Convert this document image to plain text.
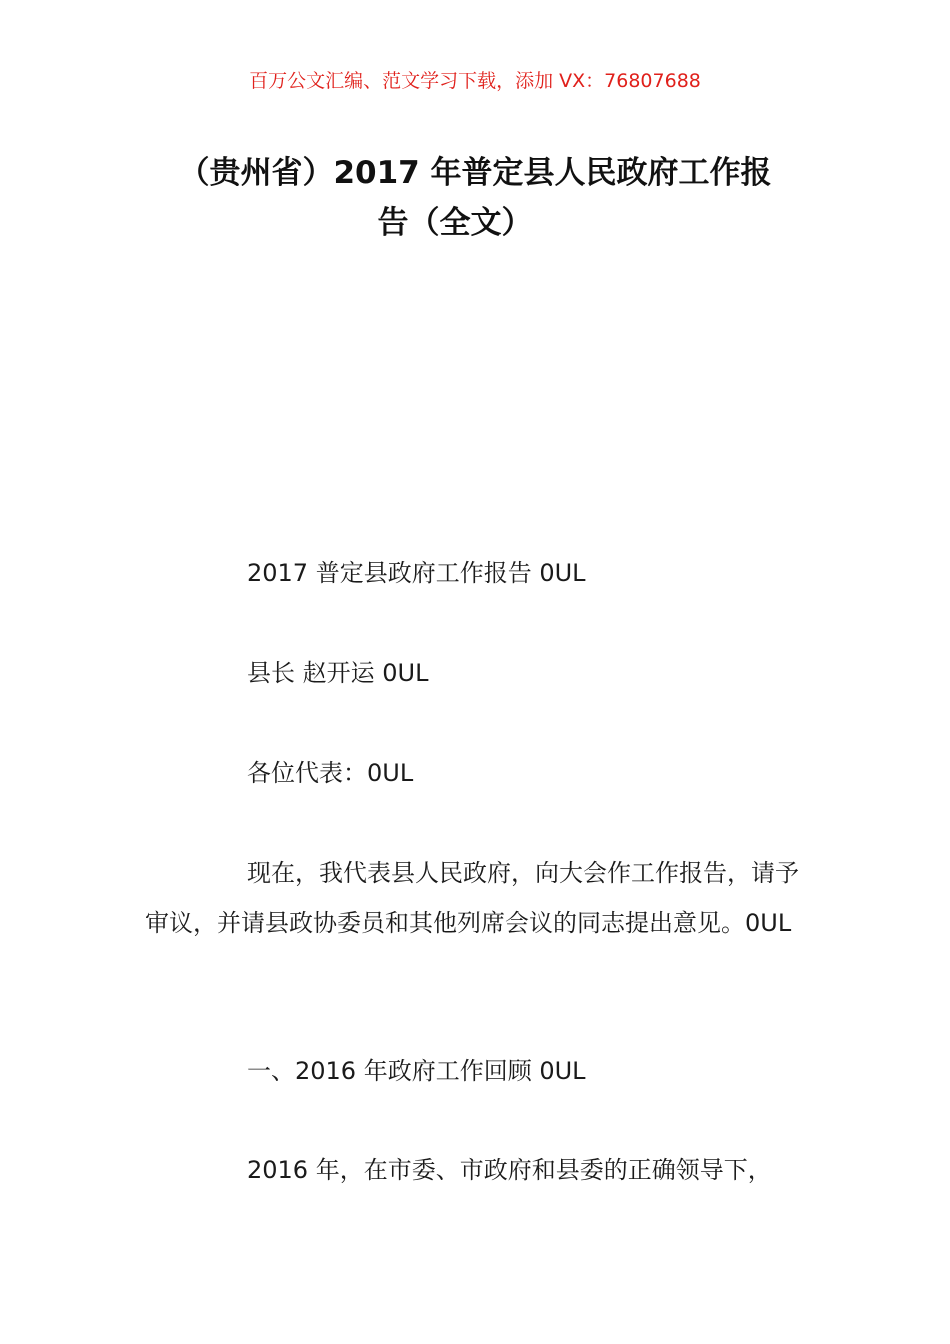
百万公文汇编、范文学习下载，添加 VX：76807688
（贵州省）2017 年普定县人民政府工作报
告（全文）

2017 普定县政府工作报告 0UL

县长 赵开运 0UL

各位代表：0UL

现在，我代表县人民政府，向大会作工作报告，请予审议，并请县政协委员和其他列席会议的同志提出意见。0UL

一、2016 年政府工作回顾 0UL

2016 年，在市委、市政府和县委的正确领导下，
